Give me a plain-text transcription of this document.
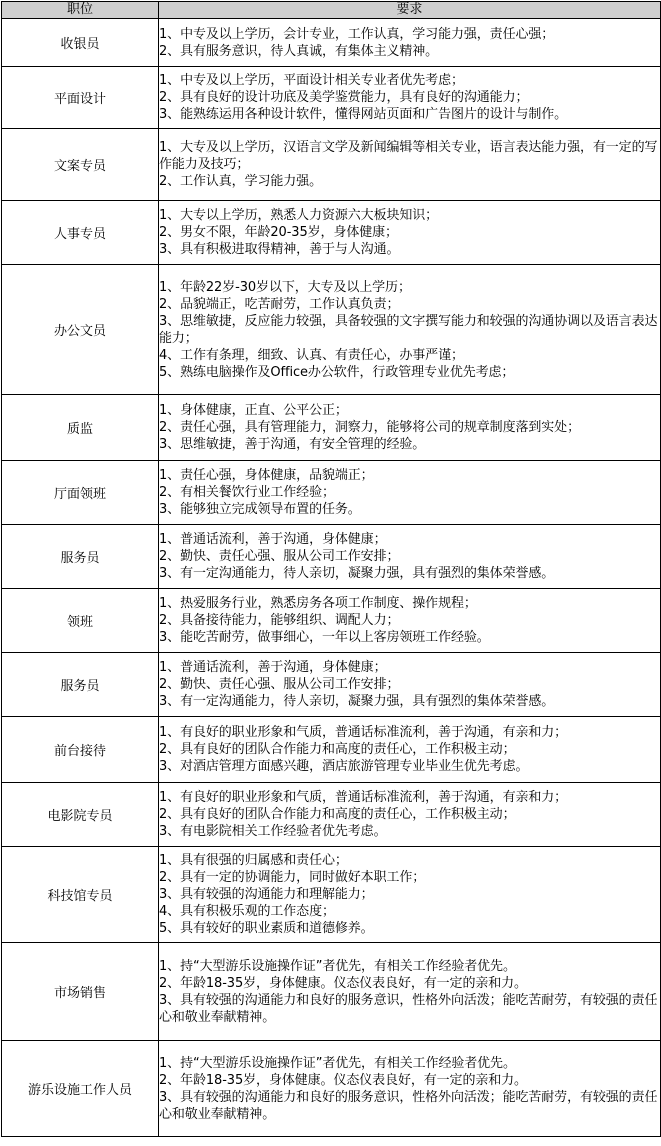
职位	要求
收银员	1、中专及以上学历，会计专业，工作认真，学习能力强，责任心强；
2、具有服务意识，待人真诚，有集体主义精神。

平面设计	1、中专及以上学历，平面设计相关专业者优先考虑；
2、具有良好的设计功底及美学鉴赏能力，具有良好的沟通能力；
3、能熟练运用各种设计软件，懂得网站页面和广告图片的设计与制作。

文案专员	1、大专及以上学历，汉语言文学及新闻编辑等相关专业，语言表达能力强，有一定的写作能力及技巧；
2、工作认真，学习能力强。

人事专员	1、大专以上学历，熟悉人力资源六大板块知识；
2、男女不限，年龄20-35岁，身体健康；
3、具有积极进取得精神，善于与人沟通。

办公文员	1、年龄22岁-30岁以下，大专及以上学历；
2、品貌端正，吃苦耐劳，工作认真负责；
3、思维敏捷，反应能力较强，具备较强的文字撰写能力和较强的沟通协调以及语言表达能力；
4、工作有条理，细致、认真、有责任心，办事严谨；
5、熟练电脑操作及Office办公软件，行政管理专业优先考虑；

质监	1、身体健康，正直、公平公正；
2、责任心强，具有管理能力，洞察力，能够将公司的规章制度落到实处；
3、思维敏捷，善于沟通，有安全管理的经验。

厅面领班	1、责任心强，身体健康，品貌端正；
2、有相关餐饮行业工作经验；
3、能够独立完成领导布置的任务。

服务员	1、普通话流利，善于沟通，身体健康；
2、勤快、责任心强、服从公司工作安排；
3、有一定沟通能力，待人亲切，凝聚力强，具有强烈的集体荣誉感。

领班	1、热爱服务行业，熟悉房务各项工作制度、操作规程；
2、具备接待能力，能够组织、调配人力；
3、能吃苦耐劳，做事细心，一年以上客房领班工作经验。

服务员	1、普通话流利，善于沟通，身体健康；
2、勤快、责任心强、服从公司工作安排；
3、有一定沟通能力，待人亲切，凝聚力强，具有强烈的集体荣誉感。

前台接待	1、有良好的职业形象和气质，普通话标准流利，善于沟通，有亲和力；
2、具有良好的团队合作能力和高度的责任心，工作积极主动；
3、对酒店管理方面感兴趣，酒店旅游管理专业毕业生优先考虑。

电影院专员	1、有良好的职业形象和气质，普通话标准流利，善于沟通，有亲和力；
2、具有良好的团队合作能力和高度的责任心，工作积极主动；
3、有电影院相关工作经验者优先考虑。

科技馆专员	1、具有很强的归属感和责任心；
2、具有一定的协调能力，同时做好本职工作；
3、具有较强的沟通能力和理解能力；
4、具有积极乐观的工作态度；
5、具有较好的职业素质和道德修养。

市场销售	1、持“大型游乐设施操作证”者优先，有相关工作经验者优先。
2、年龄18-35岁，身体健康。仪态仪表良好，有一定的亲和力。
3、具有较强的沟通能力和良好的服务意识，性格外向活泼；能吃苦耐劳，有较强的责任心和敬业奉献精神。

游乐设施工作人员	1、持“大型游乐设施操作证”者优先，有相关工作经验者优先。
2、年龄18-35岁，身体健康。仪态仪表良好，有一定的亲和力。
3、具有较强的沟通能力和良好的服务意识，性格外向活泼；能吃苦耐劳，有较强的责任心和敬业奉献精神。
